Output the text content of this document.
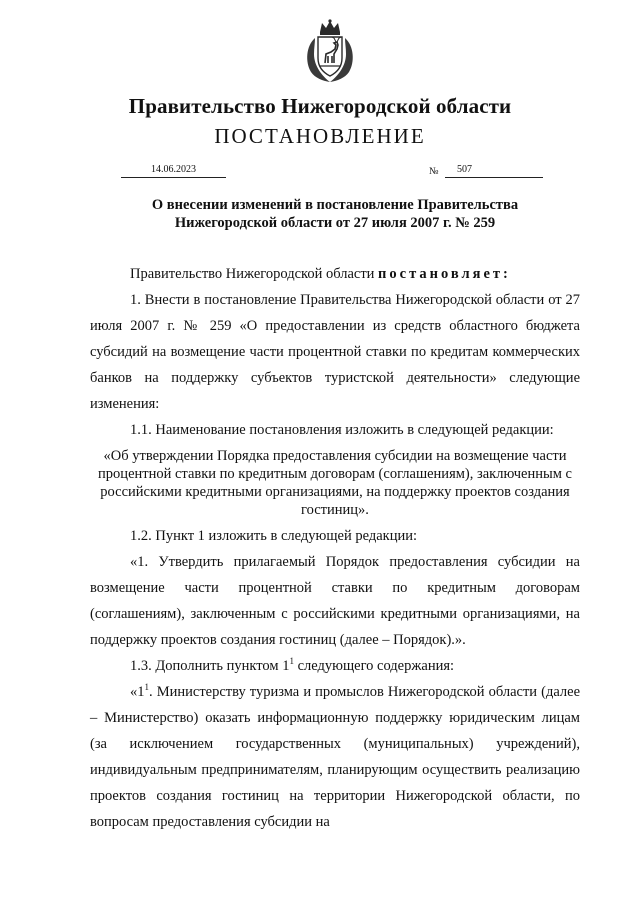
Правительство Нижегородской области
ПОСТАНОВЛЕНИЕ
14.06.2023	№	507
О внесении изменений в постановление Правительства
Нижегородской области от 27 июля 2007 г. № 259

Правительство Нижегородской области постановляет:

1. Внести в постановление Правительства Нижегородской области от 27 июля 2007 г. № 259 «О предоставлении из средств областного бюджета субсидий на возмещение части процентной ставки по кредитам коммерческих банков на поддержку субъектов туристской деятельности» следующие изменения:

1.1. Наименование постановления изложить в следующей редакции:

«Об утверждении Порядка предоставления субсидии на возмещение части процентной ставки по кредитным договорам (соглашениям), заключенным с российскими кредитными организациями, на поддержку проектов создания гостиниц».

1.2. Пункт 1 изложить в следующей редакции:

«1. Утвердить прилагаемый Порядок предоставления субсидии на возмещение части процентной ставки по кредитным договорам (соглашениям), заключенным с российскими кредитными организациями, на поддержку проектов создания гостиниц (далее – Порядок).».

1.3. Дополнить пунктом $1^1$ следующего содержания:

«$1^1$. Министерству туризма и промыслов Нижегородской области (далее – Министерство) оказать информационную поддержку юридическим лицам (за исключением государственных (муниципальных) учреждений), индивидуальным предпринимателям, планирующим осуществить реализацию проектов создания гостиниц на территории Нижегородской области, по вопросам предоставления субсидии на
